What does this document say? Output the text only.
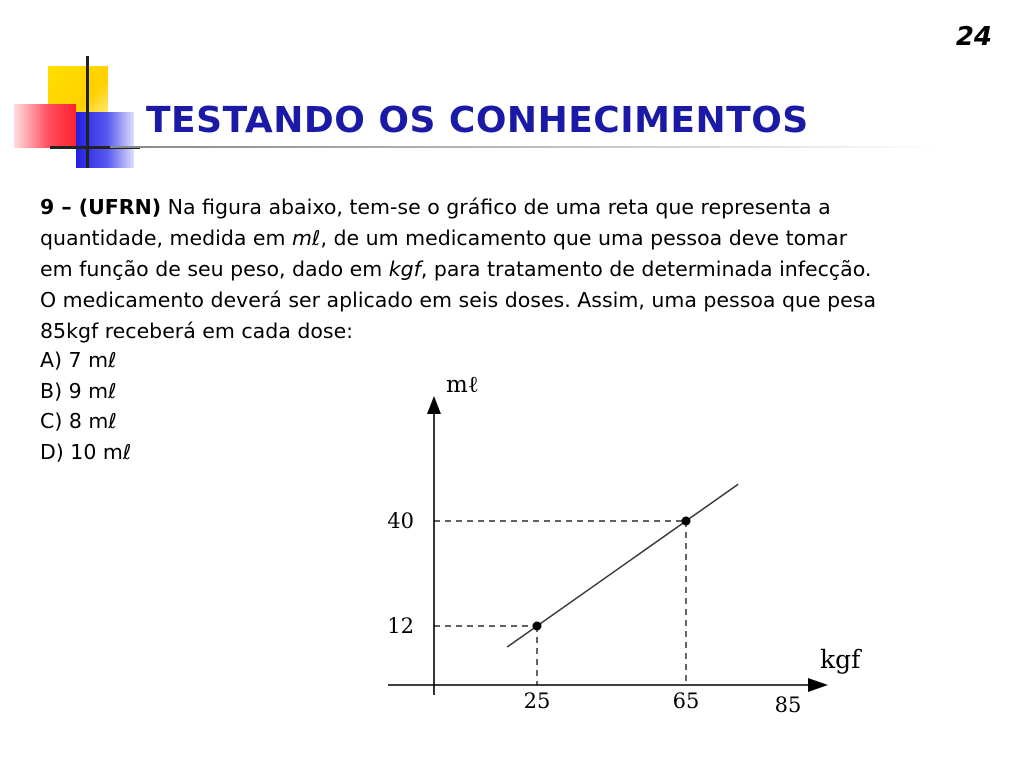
24
TESTANDO OS CONHECIMENTOS
9 – (UFRN) Na figura abaixo, tem-se o gráfico de uma reta que representa a
quantidade, medida em mℓ, de um medicamento que uma pessoa deve tomar
em função de seu peso, dado em kgf, para tratamento de determinada infecção.
O medicamento deverá ser aplicado em seis doses. Assim, uma pessoa que pesa
85kgf receberá em cada dose:
A) 7 mℓ
B) 9 mℓ
C) 8 mℓ
D) 10 mℓ
mℓ
kgf
12
40
25	65	85
